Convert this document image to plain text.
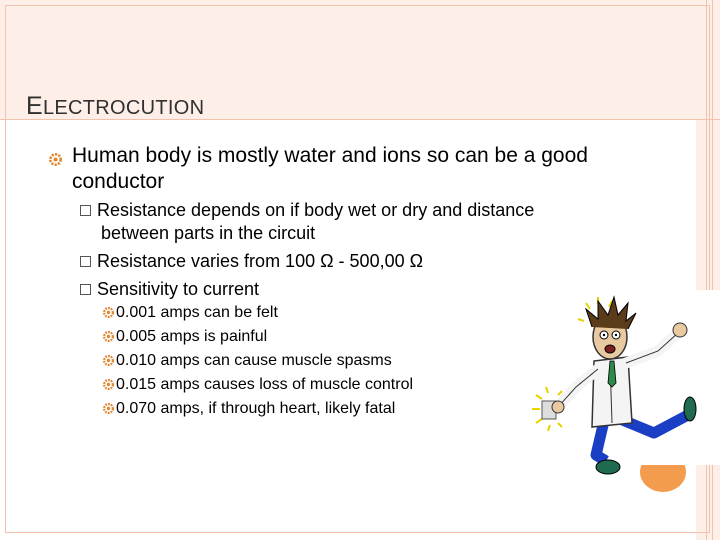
ELECTROCUTION
Human body is mostly water and ions so can be a good conductor
Resistance depends on if body wet or dry and distance
between parts in the circuit
Resistance varies from 100 Ω - 500,00 Ω
Sensitivity to current
0.001 amps can be felt
0.005 amps is painful
0.010 amps can cause muscle spasms
0.015 amps causes loss of muscle control
0.070 amps, if through heart, likely fatal
